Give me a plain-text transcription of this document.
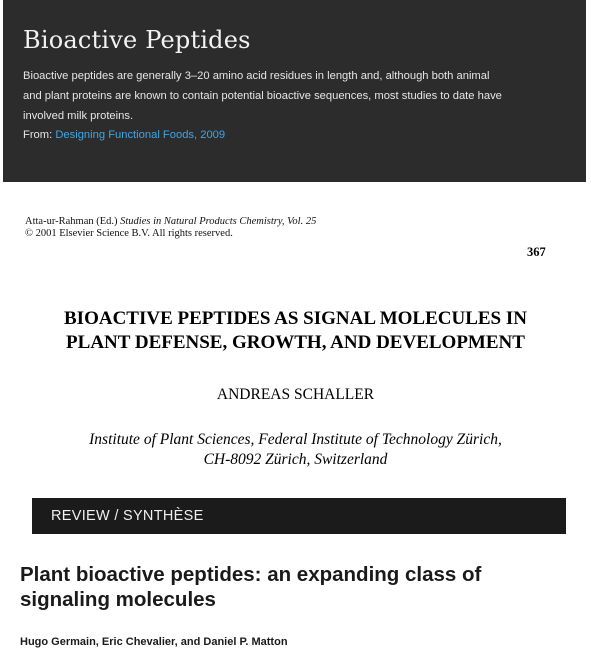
Bioactive Peptides

Bioactive peptides are generally 3–20 amino acid residues in length and, although both animal
and plant proteins are known to contain potential bioactive sequences, most studies to date have
involved milk proteins.

From: Designing Functional Foods, 2009
Atta-ur-Rahman (Ed.) Studies in Natural Products Chemistry, Vol. 25
© 2001 Elsevier Science B.V. All rights reserved.
367
BIOACTIVE PEPTIDES AS SIGNAL MOLECULES IN
PLANT DEFENSE, GROWTH, AND DEVELOPMENT
ANDREAS SCHALLER
Institute of Plant Sciences, Federal Institute of Technology Zürich,
CH-8092 Zürich, Switzerland
REVIEW / SYNTHÈSE
Plant bioactive peptides: an expanding class of
signaling molecules
Hugo Germain, Eric Chevalier, and Daniel P. Matton
